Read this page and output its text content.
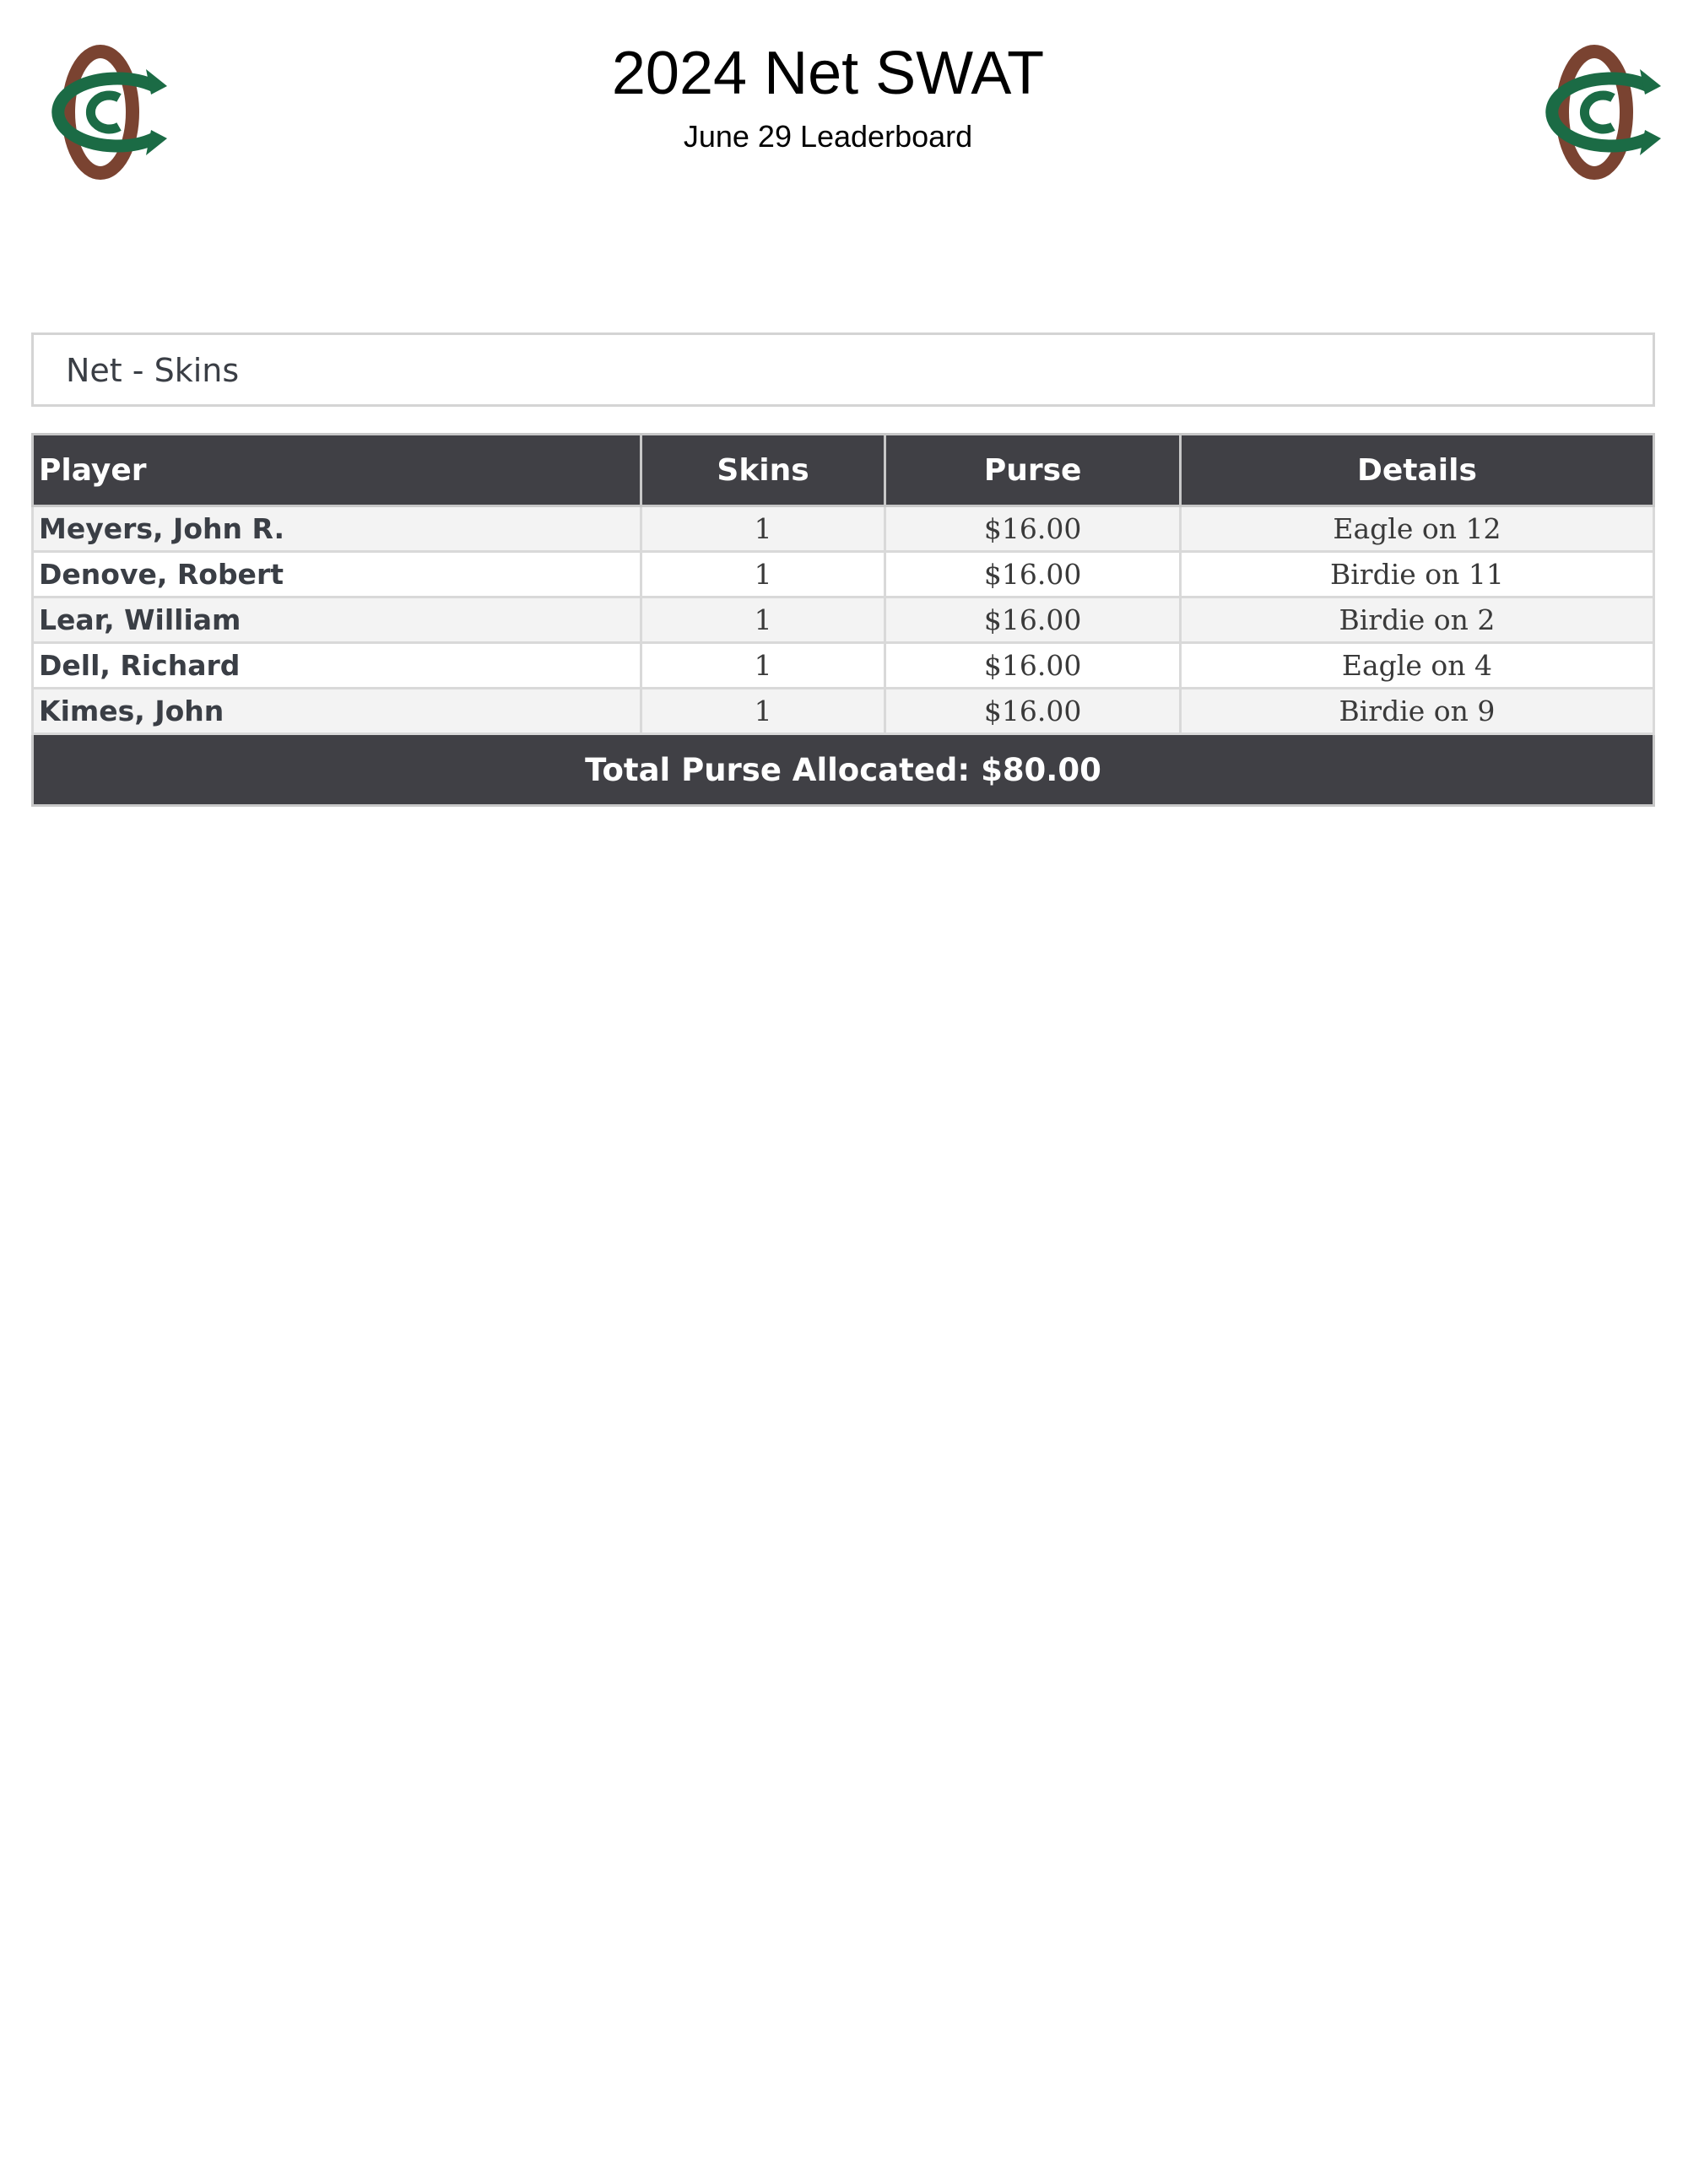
2024 Net SWAT
June 29 Leaderboard
Net - Skins
Player	Skins	Purse	Details
Meyers, John R.	1	$16.00	Eagle on 12
Denove, Robert	1	$16.00	Birdie on 11
Lear, William	1	$16.00	Birdie on 2
Dell, Richard	1	$16.00	Eagle on 4
Kimes, John	1	$16.00	Birdie on 9
Total Purse Allocated: $80.00			
